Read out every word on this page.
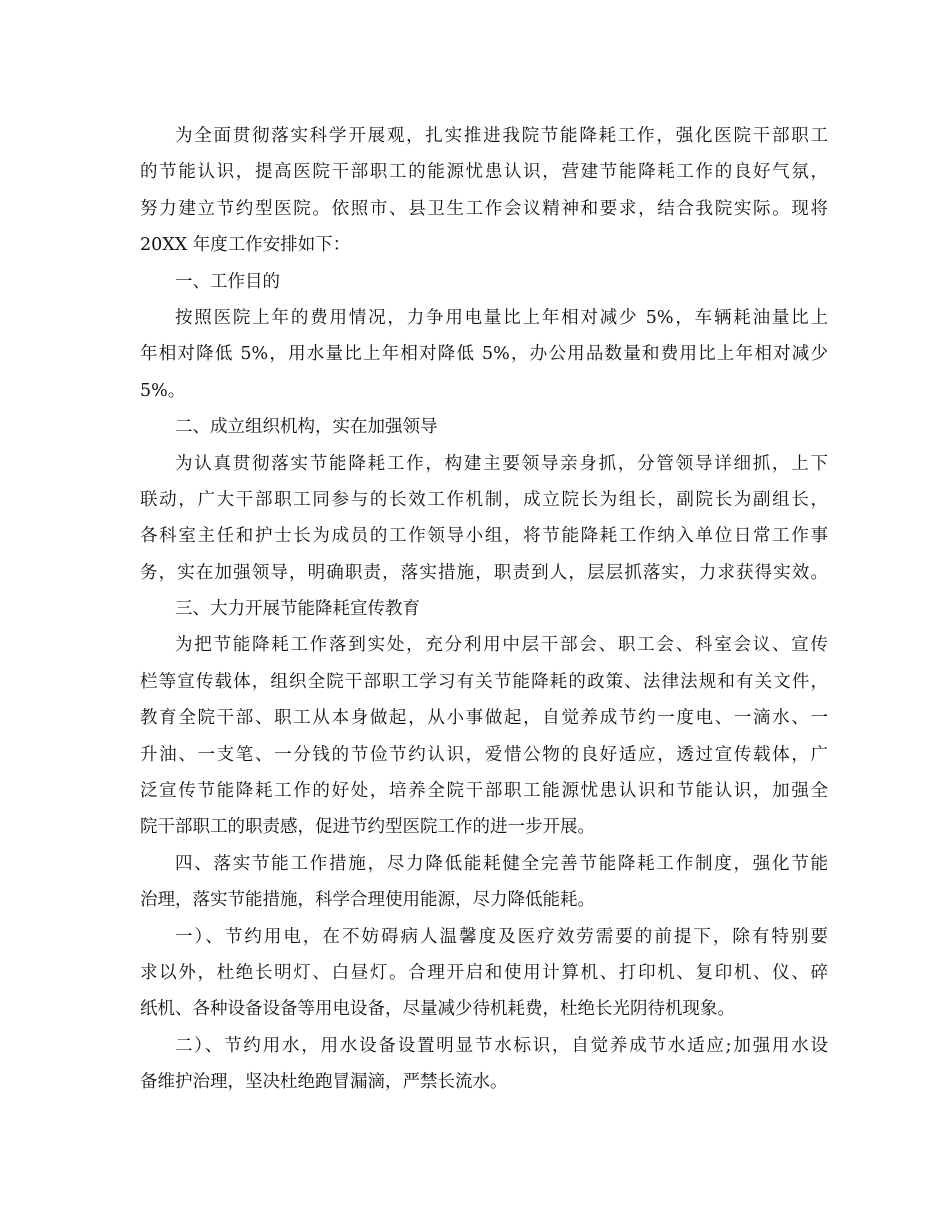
为全面贯彻落实科学开展观，扎实推进我院节能降耗工作，强化医院干部职工
的节能认识，提高医院干部职工的能源忧患认识，营建节能降耗工作的良好气氛，
努力建立节约型医院。依照市、县卫生工作会议精神和要求，结合我院实际。现将
20XX 年度工作安排如下：
一、工作目的
按照医院上年的费用情况，力争用电量比上年相对减少 5%，车辆耗油量比上
年相对降低 5%，用水量比上年相对降低 5%，办公用品数量和费用比上年相对减少
5%。
二、成立组织机构，实在加强领导
为认真贯彻落实节能降耗工作，构建主要领导亲身抓，分管领导详细抓，上下
联动，广大干部职工同参与的长效工作机制，成立院长为组长，副院长为副组长，
各科室主任和护士长为成员的工作领导小组，将节能降耗工作纳入单位日常工作事
务，实在加强领导，明确职责，落实措施，职责到人，层层抓落实，力求获得实效。
三、大力开展节能降耗宣传教育
为把节能降耗工作落到实处，充分利用中层干部会、职工会、科室会议、宣传
栏等宣传载体，组织全院干部职工学习有关节能降耗的政策、法律法规和有关文件，
教育全院干部、职工从本身做起，从小事做起，自觉养成节约一度电、一滴水、一
升油、一支笔、一分钱的节俭节约认识，爱惜公物的良好适应，透过宣传载体，广
泛宣传节能降耗工作的好处，培养全院干部职工能源忧患认识和节能认识，加强全
院干部职工的职责感，促进节约型医院工作的进一步开展。
四、落实节能工作措施，尽力降低能耗健全完善节能降耗工作制度，强化节能
治理，落实节能措施，科学合理使用能源，尽力降低能耗。
一）、节约用电，在不妨碍病人温馨度及医疗效劳需要的前提下，除有特别要
求以外，杜绝长明灯、白昼灯。合理开启和使用计算机、打印机、复印机、仪、碎
纸机、各种设备设备等用电设备，尽量减少待机耗费，杜绝长光阴待机现象。
二）、节约用水，用水设备设置明显节水标识，自觉养成节水适应;加强用水设
备维护治理，坚决杜绝跑冒漏滴，严禁长流水。
